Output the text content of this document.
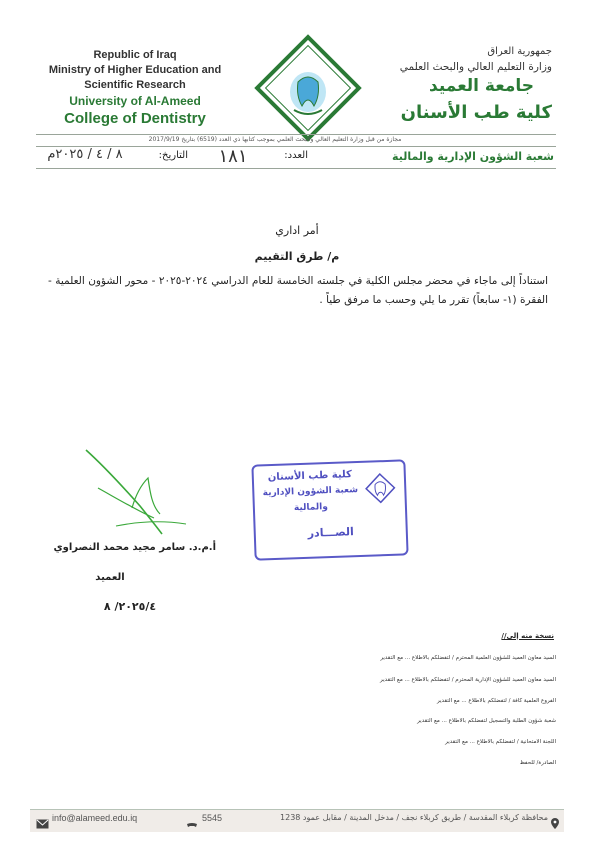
Republic of Iraq
Ministry of Higher Education and
Scientific Research
University of Al-Ameed
College of Dentistry
جمهورية العراق
وزارة التعليم العالي والبحث العلمي
جامعة العميد
كلية طب الأسنان
مجازة من قبل وزارة التعليم العالي والبحث العلمي بموجب كتابها ذي العدد (6519) بتاريخ 2017/9/19
شعبة الشؤون الإدارية والمالية
العدد:
١٨١
التاريخ:
٨ / ٤ / ٢٠٢٥م
أمر اداري
م/ طرق التقييم
استناداً إلى ماجاء في محضر مجلس الكلية في جلسته الخامسة للعام الدراسي ٢٠٢٤-٢٠٢٥ - محور الشؤون العلمية - الفقرة (١- سابعاً) تقرر ما يلي وحسب ما مرفق طياً .
أ.م.د. سامر مجيد محمد النصراوي
العميد
٢٠٢٥/٤/ ٨
كلية طب الأسنان
شعبة الشؤون الإدارية
والمالية
الصـــادر
نسخة منه إلى//
السيد معاون العميد للشؤون العلمية المحترم / لتفضلكم بالاطلاع ... مع التقدير
السيد معاون العميد للشؤون الإدارية المحترم / لتفضلكم بالاطلاع ... مع التقدير
الفروع العلمية كافة / لتفضلكم بالاطلاع ... مع التقدير
شعبة شؤون الطلبة والتسجيل لتفضلكم بالاطلاع ... مع التقدير
اللجنة الامتحانية / لتفضلكم بالاطلاع ... مع التقدير
الصادرة/ للحفظ
info@alameed.edu.iq	5545	محافظة كربلاء المقدسة / طريق كربلاء نجف / مدخل المدينة / مقابل عمود 1238
